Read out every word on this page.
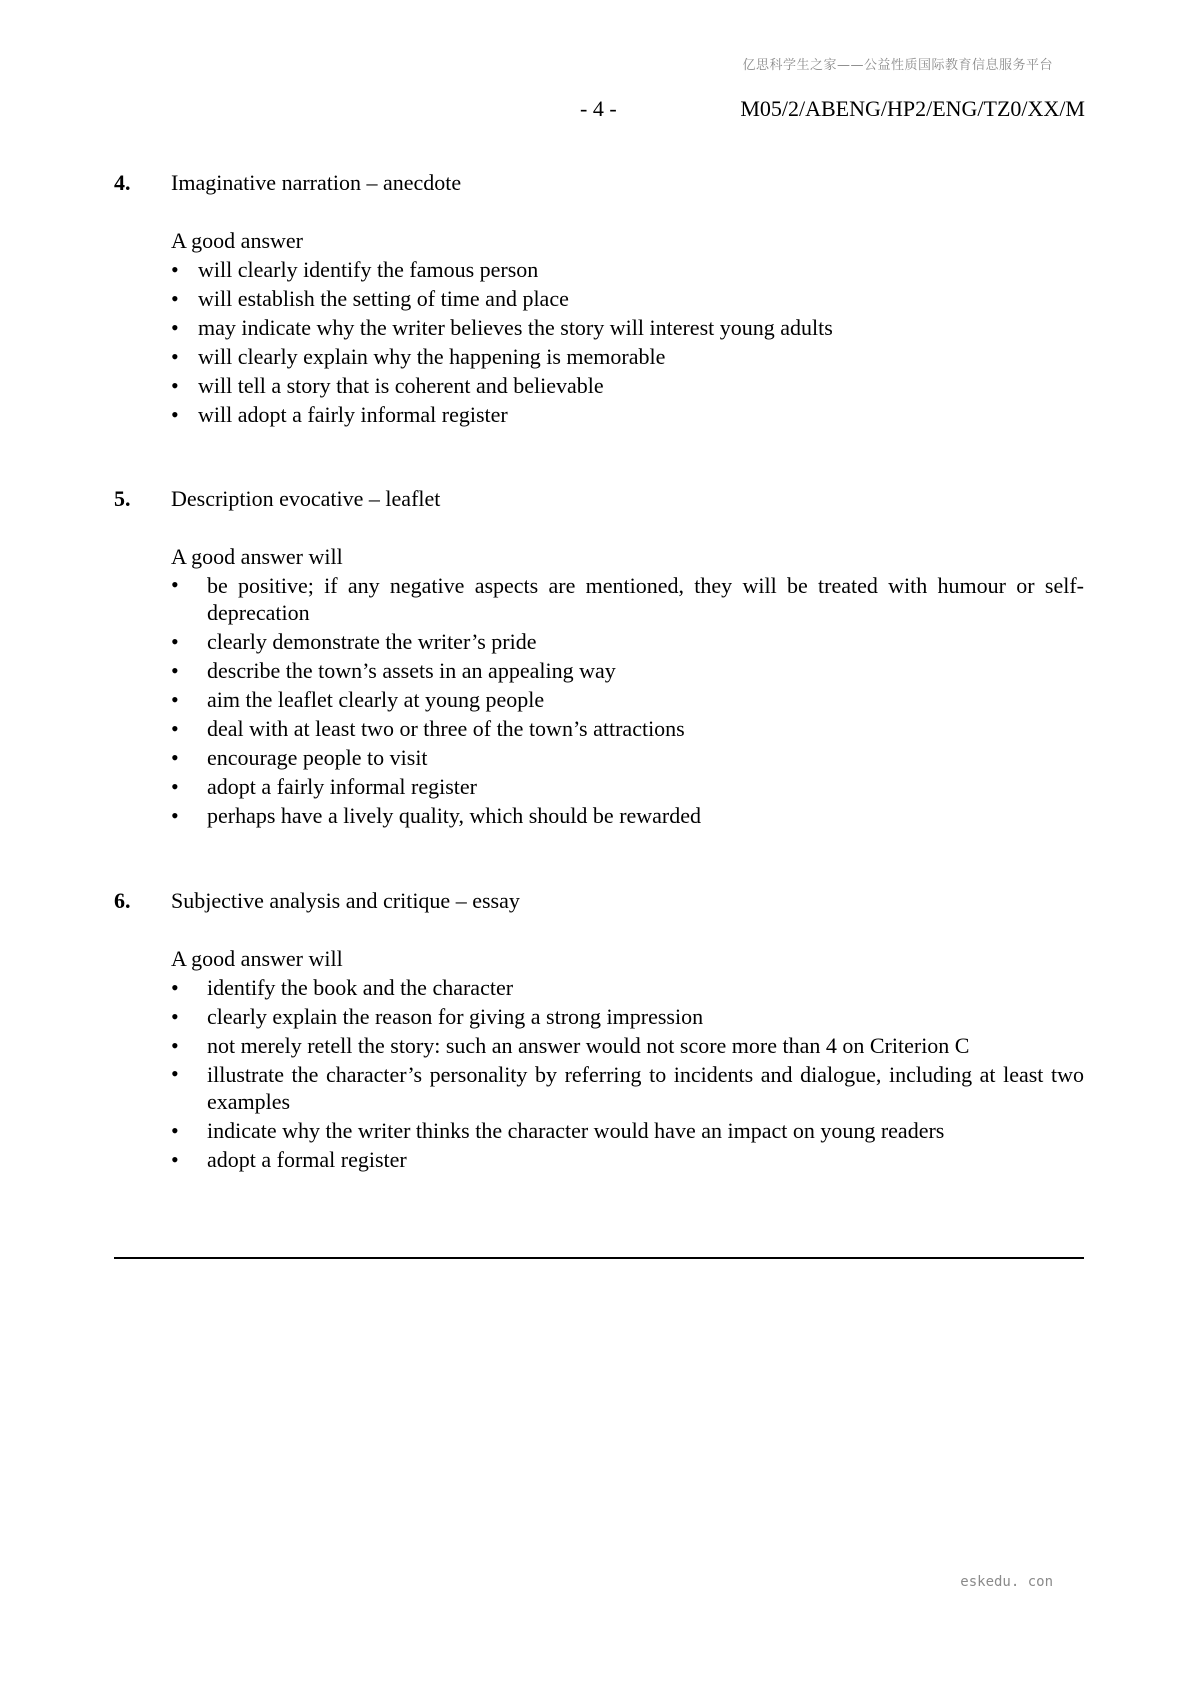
亿思科学生之家——公益性质国际教育信息服务平台
- 4 -	M05/2/ABENG/HP2/ENG/TZ0/XX/M
4. Imaginative narration – anecdote
A good answer
• will clearly identify the famous person
• will establish the setting of time and place
• may indicate why the writer believes the story will interest young adults
• will clearly explain why the happening is memorable
• will tell a story that is coherent and believable
• will adopt a fairly informal register
5. Description evocative – leaflet
A good answer will
• be positive; if any negative aspects are mentioned, they will be treated with humour or self-deprecation
• clearly demonstrate the writer’s pride
• describe the town’s assets in an appealing way
• aim the leaflet clearly at young people
• deal with at least two or three of the town’s attractions
• encourage people to visit
• adopt a fairly informal register
• perhaps have a lively quality, which should be rewarded
6. Subjective analysis and critique – essay
A good answer will
• identify the book and the character
• clearly explain the reason for giving a strong impression
• not merely retell the story: such an answer would not score more than 4 on Criterion C
• illustrate the character’s personality by referring to incidents and dialogue, including at least two examples
• indicate why the writer thinks the character would have an impact on young readers
• adopt a formal register
eskedu. con
